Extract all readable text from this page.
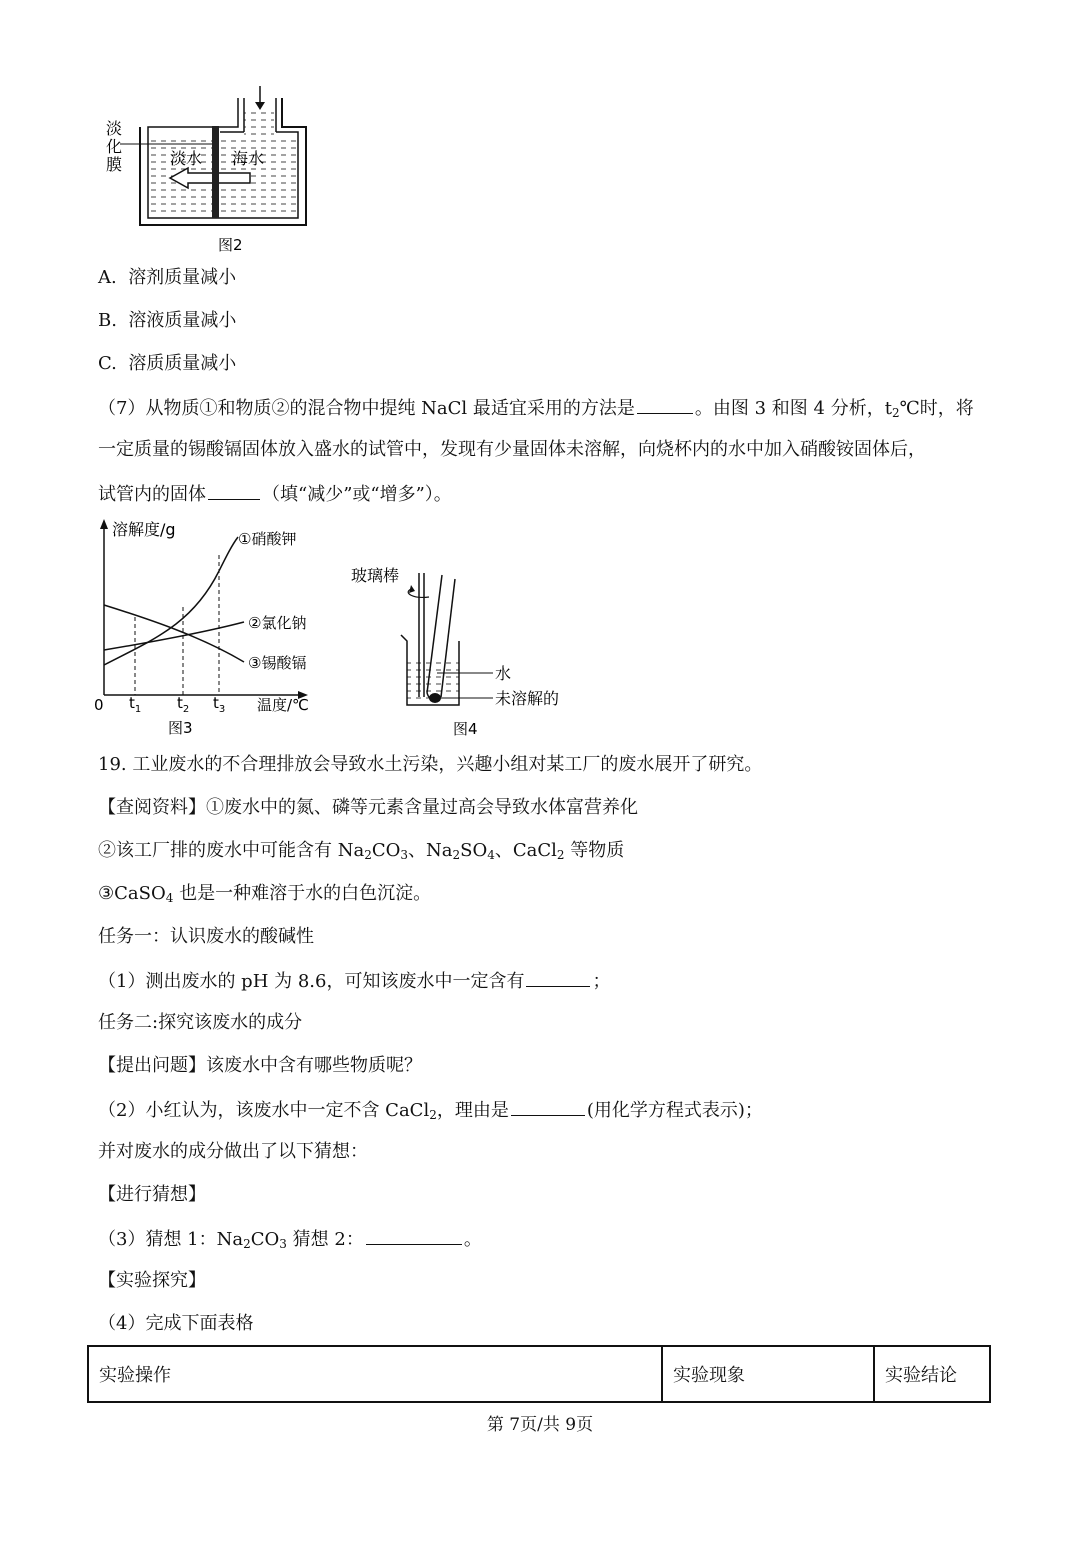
淡
化
膜	淡水 海水
图2
A. 溶剂质量减小
B. 溶液质量减小
C. 溶质质量减小
（7）从物质①和物质②的混合物中提纯 NaCl 最适宜采用的方法是	。由图 3 和图 4 分析，$t_2℃$时，将
一定质量的锡酸镉固体放入盛水的试管中，发现有少量固体未溶解，向烧杯内的水中加入硝酸铵固体后，
试管内的固体	（填“减少”或“增多”）。
溶解度/g	①硝酸钾
②氯化钠
③锡酸镉
0 $t_1$ $t_2$ $t_3$ 温度/℃
图3
玻璃棒
水
未溶解的
图4
19. 工业废水的不合理排放会导致水土污染，兴趣小组对某工厂的废水展开了研究。
【查阅资料】①废水中的氮、磷等元素含量过高会导致水体富营养化
②该工厂排的废水中可能含有 $Na_2CO_3$、$Na_2SO_4$、CaCl$_2$ 等物质
③CaSO$_4$ 也是一种难溶于水的白色沉淀。
任务一：认识废水的酸碱性
（1）测出废水的 pH 为 8.6，可知该废水中一定含有	；
任务二:探究该废水的成分
【提出问题】该废水中含有哪些物质呢？
（2）小红认为，该废水中一定不含 CaCl$_2$，理由是	(用化学方程式表示)；
并对废水的成分做出了以下猜想：
【进行猜想】
（3）猜想 1：$Na_2CO_3$ 猜想 2：	。
【实验探究】
（4）完成下面表格
实验操作	实验现象	实验结论
第 7页/共 9页
